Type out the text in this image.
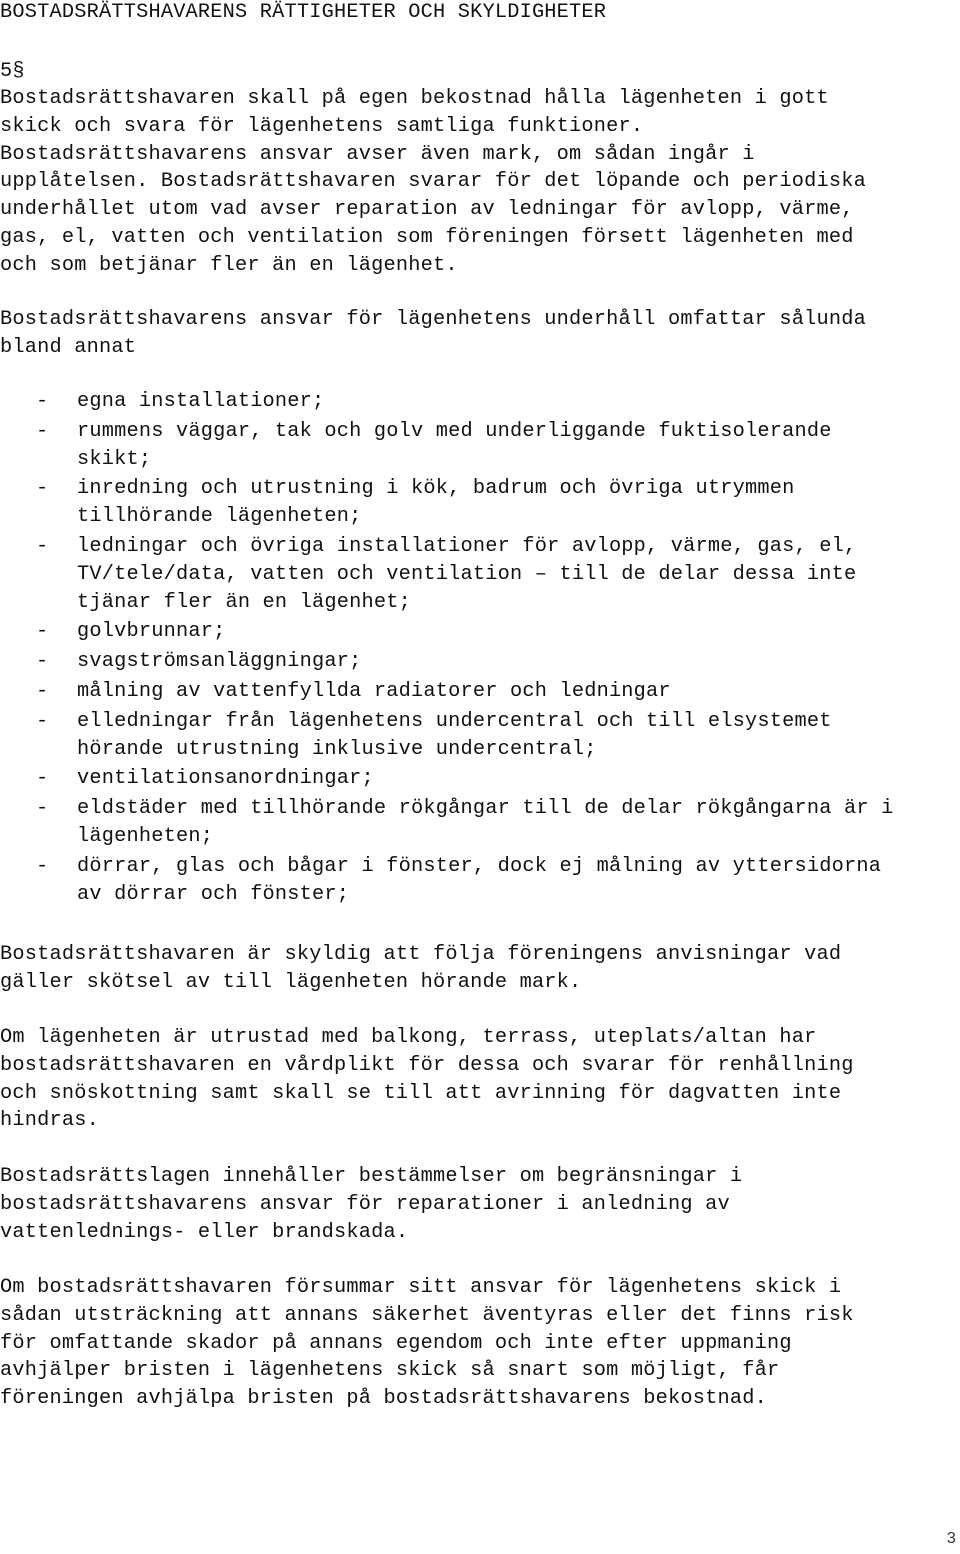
BOSTADSRÄTTSHAVARENS RÄTTIGHETER OCH SKYLDIGHETER
5§
Bostadsrättshavaren skall på egen bekostnad hålla lägenheten i gott
skick och svara för lägenhetens samtliga funktioner.
Bostadsrättshavarens ansvar avser även mark, om sådan ingår i
upplåtelsen. Bostadsrättshavaren svarar för det löpande och periodiska
underhållet utom vad avser reparation av ledningar för avlopp, värme,
gas, el, vatten och ventilation som föreningen försett lägenheten med
och som betjänar fler än en lägenhet.
Bostadsrättshavarens ansvar för lägenhetens underhåll omfattar sålunda
bland annat
- egna installationer;
- rummens väggar, tak och golv med underliggande fuktisolerande
skikt;
- inredning och utrustning i kök, badrum och övriga utrymmen
tillhörande lägenheten;
- ledningar och övriga installationer för avlopp, värme, gas, el,
TV/tele/data, vatten och ventilation – till de delar dessa inte
tjänar fler än en lägenhet;
- golvbrunnar;
- svagströmsanläggningar;
- målning av vattenfyllda radiatorer och ledningar
- elledningar från lägenhetens undercentral och till elsystemet
hörande utrustning inklusive undercentral;
- ventilationsanordningar;
- eldstäder med tillhörande rökgångar till de delar rökgångarna är i
lägenheten;
- dörrar, glas och bågar i fönster, dock ej målning av yttersidorna
av dörrar och fönster;
Bostadsrättshavaren är skyldig att följa föreningens anvisningar vad
gäller skötsel av till lägenheten hörande mark.
Om lägenheten är utrustad med balkong, terrass, uteplats/altan har
bostadsrättshavaren en vårdplikt för dessa och svarar för renhållning
och snöskottning samt skall se till att avrinning för dagvatten inte
hindras.
Bostadsrättslagen innehåller bestämmelser om begränsningar i
bostadsrättshavarens ansvar för reparationer i anledning av
vattenlednings- eller brandskada.
Om bostadsrättshavaren försummar sitt ansvar för lägenhetens skick i
sådan utsträckning att annans säkerhet äventyras eller det finns risk
för omfattande skador på annans egendom och inte efter uppmaning
avhjälper bristen i lägenhetens skick så snart som möjligt, får
föreningen avhjälpa bristen på bostadsrättshavarens bekostnad.
3
